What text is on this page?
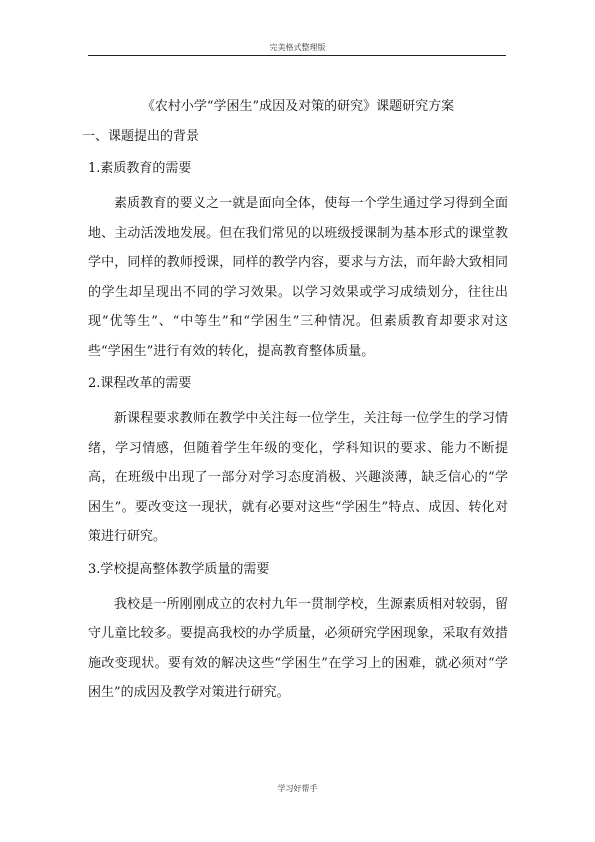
完美格式整理版
《农村小学“学困生”成因及对策的研究》课题研究方案
一、课题提出的背景
1.素质教育的需要

素质教育的要义之一就是面向全体，使每一个学生通过学习得到全面地、主动活泼地发展。但在我们常见的以班级授课制为基本形式的课堂教学中，同样的教师授课，同样的教学内容，要求与方法，而年龄大致相同的学生却呈现出不同的学习效果。以学习效果或学习成绩划分，往往出现“优等生”、“中等生”和“学困生”三种情况。但素质教育却要求对这些“学困生”进行有效的转化，提高教育整体质量。

2.课程改革的需要

新课程要求教师在教学中关注每一位学生，关注每一位学生的学习情绪，学习情感，但随着学生年级的变化，学科知识的要求、能力不断提高，在班级中出现了一部分对学习态度消极、兴趣淡薄，缺乏信心的“学困生”。要改变这一现状，就有必要对这些“学困生”特点、成因、转化对策进行研究。

3.学校提高整体教学质量的需要

我校是一所刚刚成立的农村九年一贯制学校，生源素质相对较弱，留守儿童比较多。要提高我校的办学质量，必须研究学困现象，采取有效措施改变现状。要有效的解决这些“学困生”在学习上的困难，就必须对“学困生”的成因及教学对策进行研究。

学习好帮手
